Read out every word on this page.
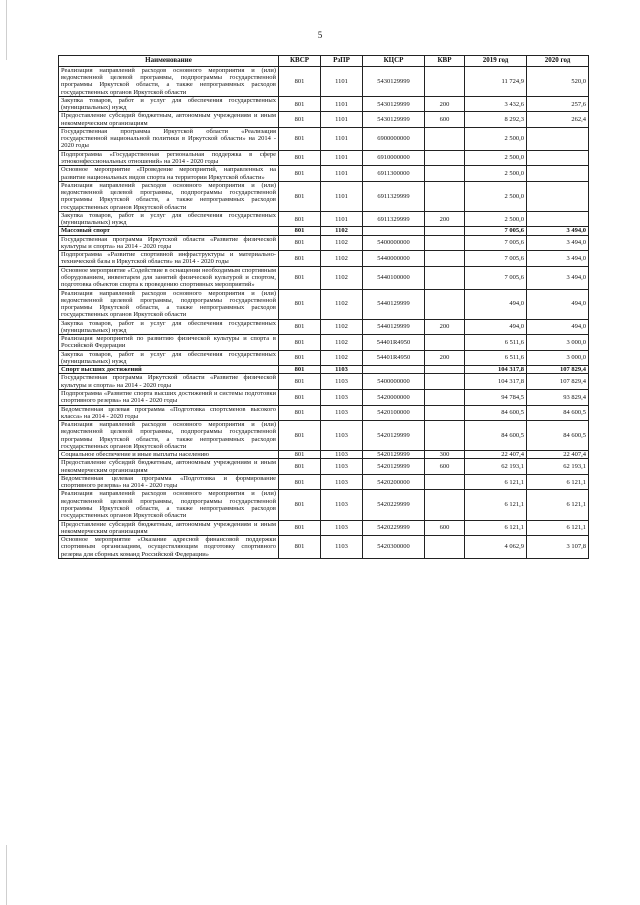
5
Наименование	КВСР	РзПР	КЦСР	КВР	2019 год	2020 год
Реализация направлений расходов основного мероприятия и (или) ведомственной целевой программы, подпрограммы государственной программы Иркутской области, а также непрограммных расходов государственных органов Иркутской области	801	1101	5430129999		11 724,9	520,0
Закупка товаров, работ и услуг для обеспечения государственных (муниципальных) нужд	801	1101	5430129999	200	3 432,6	257,6
Предоставление субсидий бюджетным, автономным учреждениям и иным некоммерческим организациям	801	1101	5430129999	600	8 292,3	262,4
Государственная программа Иркутской области «Реализация государственной национальной политики в Иркутской области» на 2014 - 2020 годы	801	1101	6900000000		2 500,0	
Подпрограмма «Государственная региональная поддержка в сфере этноконфессиональных отношений» на 2014 - 2020 годы	801	1101	6910000000		2 500,0	
Основное мероприятие «Проведение мероприятий, направленных на развитие национальных видов спорта на территории Иркутской области»	801	1101	6911300000		2 500,0	
Реализация направлений расходов основного мероприятия и (или) ведомственной целевой программы, подпрограммы государственной программы Иркутской области, а также непрограммных расходов государственных органов Иркутской области	801	1101	6911329999		2 500,0	
Закупка товаров, работ и услуг для обеспечения государственных (муниципальных) нужд	801	1101	6911329999	200	2 500,0	
Массовый спорт	801	1102			7 005,6	3 494,0
Государственная программа Иркутской области «Развитие физической культуры и спорта» на 2014 - 2020 годы	801	1102	5400000000		7 005,6	3 494,0
Подпрограмма «Развитие спортивной инфраструктуры и материально- технической базы в Иркутской области» на 2014 - 2020 годы	801	1102	5440000000		7 005,6	3 494,0
Основное мероприятие «Содействие в оснащении необходимым спортивным оборудованием, инвентарем для занятий физической культурой и спортом, подготовка объектов спорта к проведению спортивных мероприятий»	801	1102	5440100000		7 005,6	3 494,0
Реализация направлений расходов основного мероприятия и (или) ведомственной целевой программы, подпрограммы государственной программы Иркутской области, а также непрограммных расходов государственных органов Иркутской области	801	1102	5440129999		494,0	494,0
Закупка товаров, работ и услуг для обеспечения государственных (муниципальных) нужд	801	1102	5440129999	200	494,0	494,0
Реализация мероприятий по развитию физической культуры и спорта в Российской Федерации	801	1102	54401R4950		6 511,6	3 000,0
Закупка товаров, работ и услуг для обеспечения государственных (муниципальных) нужд	801	1102	54401R4950	200	6 511,6	3 000,0
Спорт высших достижений	801	1103			104 317,8	107 829,4
Государственная программа Иркутской области «Развитие физической культуры и спорта» на 2014 - 2020 годы	801	1103	5400000000		104 317,8	107 829,4
Подпрограмма «Развитие спорта высших достижений и системы подготовки спортивного резерва» на 2014 - 2020 годы	801	1103	5420000000		94 784,5	93 829,4
Ведомственная целевая программа «Подготовка спортсменов высокого класса» на 2014 - 2020 годы	801	1103	5420100000		84 600,5	84 600,5
Реализация направлений расходов основного мероприятия и (или) ведомственной целевой программы, подпрограммы государственной программы Иркутской области, а также непрограммных расходов государственных органов Иркутской области	801	1103	5420129999		84 600,5	84 600,5
Социальное обеспечение и иные выплаты населению	801	1103	5420129999	300	22 407,4	22 407,4
Предоставление субсидий бюджетным, автономным учреждениям и иным некоммерческим организациям	801	1103	5420129999	600	62 193,1	62 193,1
Ведомственная целевая программа «Подготовка и формирование спортивного резерва» на 2014 - 2020 годы	801	1103	5420200000		6 121,1	6 121,1
Реализация направлений расходов основного мероприятия и (или) ведомственной целевой программы, подпрограммы государственной программы Иркутской области, а также непрограммных расходов государственных органов Иркутской области	801	1103	5420229999		6 121,1	6 121,1
Предоставление субсидий бюджетным, автономным учреждениям и иным некоммерческим организациям	801	1103	5420229999	600	6 121,1	6 121,1
Основное мероприятие «Оказание адресной финансовой поддержки спортивным организациям, осуществляющим подготовку спортивного резерва для сборных команд Российской Федерации»	801	1103	5420300000		4 062,9	3 107,8
